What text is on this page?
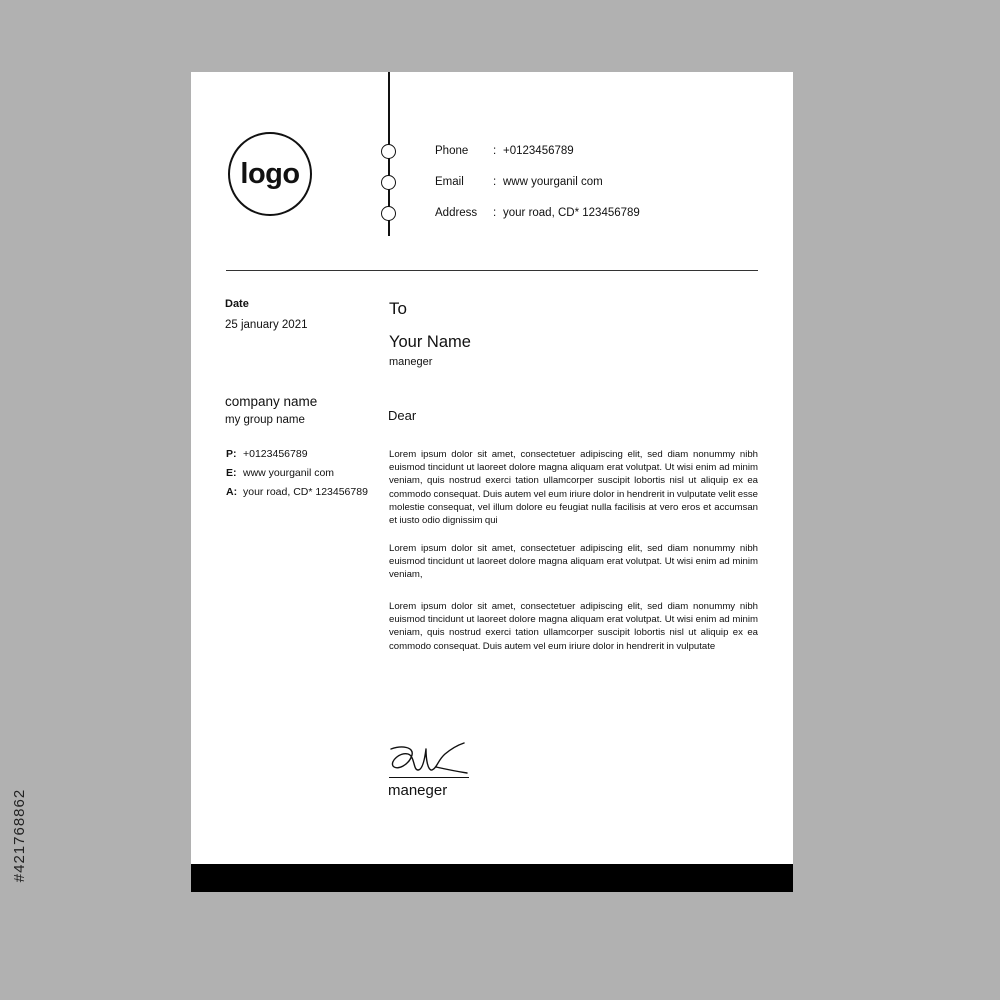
#421768862
logo
Phone	: +0123456789
Email	: www yourganil com
Address	: your road, CD* 123456789
Date
25 january 2021
company name
my group name
P: +0123456789
E: www yourganil com
A: your road, CD* 123456789
To
Your Name
maneger
Dear
Lorem ipsum dolor sit amet, consectetuer adipiscing elit, sed diam nonummy nibh euismod tincidunt ut laoreet dolore magna aliquam erat volutpat. Ut wisi enim ad minim veniam, quis nostrud exerci tation ullamcorper suscipit lobortis nisl ut aliquip ex ea commodo consequat. Duis autem vel eum iriure dolor in hendrerit in vulputate velit esse molestie consequat, vel illum dolore eu feugiat nulla facilisis at vero eros et accumsan et iusto odio dignissim qui
Lorem ipsum dolor sit amet, consectetuer adipiscing elit, sed diam nonummy nibh euismod tincidunt ut laoreet dolore magna aliquam erat volutpat. Ut wisi enim ad minim veniam,
Lorem ipsum dolor sit amet, consectetuer adipiscing elit, sed diam nonummy nibh euismod tincidunt ut laoreet dolore magna aliquam erat volutpat. Ut wisi enim ad minim veniam, quis nostrud exerci tation ullamcorper suscipit lobortis nisl ut aliquip ex ea commodo consequat. Duis autem vel eum iriure dolor in hendrerit in vulputate
maneger
